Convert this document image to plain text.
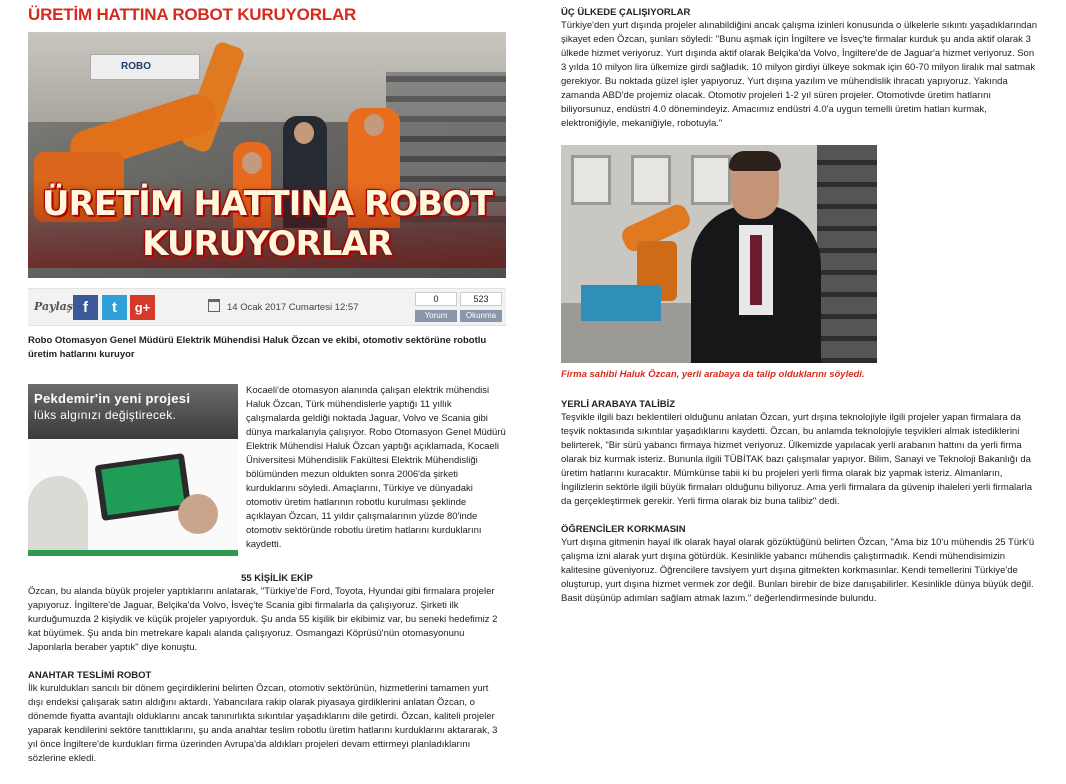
ÜRETİM HATTINA ROBOT KURUYORLAR
ROBO
ÜRETİM HATTINA ROBOT KURUYORLAR
Paylaş f	t	g+	14 Ocak 2017 Cumartesi 12:57
0
Yorum
523
Okunma

Robo Otomasyon Genel Müdürü Elektrik Mühendisi Haluk Özcan ve ekibi, otomotiv sektörüne robotlu üretim hatlarını kuruyor

Pekdemir'in yeni projesi
lüks algınızı değiştirecek.

Kocaeli'de otomasyon alanında çalışan elektrik mühendisi Haluk Özcan, Türk mühendislerle yaptığı 11 yıllık çalışmalarda geldiği noktada Jaguar, Volvo ve Scania gibi dünya markalarıyla çalışıyor. Robo Otomasyon Genel Müdürü Elektrik Mühendisi Haluk Özcan yaptığı açıklamada, Kocaeli Üniversitesi Mühendislik Fakültesi Elektrik Mühendisliği bölümünden mezun oldukten sonra 2006'da şirketi kurduklarını söyledi. Amaçlarını, Türkiye ve dünyadaki otomotiv üretim hatlarının robotlu kurulması şeklinde açıklayan Özcan, 11 yıldır çalışmalarının yüzde 80'inde otomotiv sektöründe robotlu üretim hatlarını kurduklarını kaydetti.

55 KİŞİLİK EKİP

Özcan, bu alanda büyük projeler yaptıklarını anlatarak, "Türkiye'de Ford, Toyota, Hyundai gibi firmalara projeler yapıyoruz. İngiltere'de Jaguar, Belçika'da Volvo, İsveç'te Scania gibi firmalarla da çalışıyoruz. Şirketi ilk kurduğumuzda 2 kişiydik ve küçük projeler yapıyorduk. Şu anda 55 kişilik bir ekibimiz var, bu seneki hedefimiz 2 kat büyümek. Şu anda bin metrekare kapalı alanda çalışıyoruz. Osmangazi Köprüsü'nün otomasyonunu Japonlarla beraber yaptık" diye konuştu.

ANAHTAR TESLİMİ ROBOT

İlk kuruldukları sancılı bir dönem geçirdiklerini belirten Özcan, otomotiv sektörünün, hizmetlerini tamamen yurt dışı endeksi çalışarak satın aldığını aktardı. Yabancılara rakip olarak piyasaya girdiklerini anlatan Özcan, o dönemde fiyatta avantajlı olduklarını ancak tanınırlıkta sıkıntılar yaşadıklarını dile getirdi. Özcan, kaliteli projeler yaparak kendilerini sektöre tanıttıklarını, şu anda anahtar teslim robotlu üretim hatlarını kurduklarını aktararak, 3 yıl önce İngiltere'de kurdukları firma üzerinden Avrupa'da aldıkları projeleri devam ettirmeyi planladıklarını sözlerine ekledi.

ÜÇ ÜLKEDE ÇALIŞIYORLAR

Türkiye'den yurt dışında projeler alınabildiğini ancak çalışma izinleri konusunda o ülkelerle sıkıntı yaşadıklarından şikayet eden Özcan, şunları söyledi: "Bunu aşmak için İngiltere ve İsveç'te firmalar kurduk şu anda aktif olarak 3 ülkede hizmet veriyoruz. Yurt dışında aktif olarak Belçika'da Volvo, İngiltere'de de Jaguar'a hizmet veriyoruz. Son 3 yılda 10 milyon lira ülkemize girdi sağladık. 10 milyon girdiyi ülkeye sokmak için 60-70 milyon liralık mal satmak gerekiyor. Bu noktada güzel işler yapıyoruz. Yurt dışına yazılım ve mühendislik ihracatı yapıyoruz. Yakında zamanda ABD'de projemiz olacak. Otomotiv projeleri 1-2 yıl süren projeler. Otomotivde üretim hatlarını biliyorsunuz, endüstri 4.0 dönemindeyiz. Amacımız endüstri 4.0'a uygun temelli üretim hatları kurmak, elektroniğiyle, mekaniğiyle, robotuyla."

Firma sahibi Haluk Özcan, yerli arabaya da talip olduklarını söyledi.
YERLİ ARABAYA TALİBİZ

Teşvikle ilgili bazı beklentileri olduğunu anlatan Özcan, yurt dışına teknolojiyle ilgili projeler yapan firmalara da teşvik noktasında sıkıntılar yaşadıklarını kaydetti. Özcan, bu anlamda teknolojiyle teşvikleri almak istediklerini belirterek, "Bir sürü yabancı firmaya hizmet veriyoruz. Ülkemizde yapılacak yerli arabanın hattını da yerli firma olarak biz kurmak isteriz. Bununla ilgili TÜBİTAK bazı çalışmalar yapıyor. Bilim, Sanayi ve Teknoloji Bakanlığı da üretim hatlarını kuracaktır. Mümkünse tabii ki bu projeleri yerli firma olarak biz yapmak isteriz. Almanların, İngilizlerin sektörle ilgili büyük firmaları olduğunu biliyoruz. Ama yerli firmalara da güvenip ihaleleri yerli firmalarla da gerçekleştirmek gerekir. Yerli firma olarak biz buna talibiz" dedi.

ÖĞRENCİLER KORKMASIN

Yurt dışına gitmenin hayal ilk olarak hayal olarak gözüktüğünü belirten Özcan, "Ama biz 10'u mühendis 25 Türk'ü çalışma izni alarak yurt dışına götürdük. Kesinlikle yabancı mühendis çalıştırmadık. Kendi mühendisimizin kalitesine güveniyoruz. Öğrencilere tavsiyem yurt dışına gitmekten korkmasınlar. Kendi temellerini Türkiye'de oluşturup, yurt dışına hizmet vermek zor değil. Bunları birebir de bize danışabilirler. Kesinlikle dünya büyük değil. Basit düşünüp adımları sağlam atmak lazım." değerlendirmesinde bulundu.
